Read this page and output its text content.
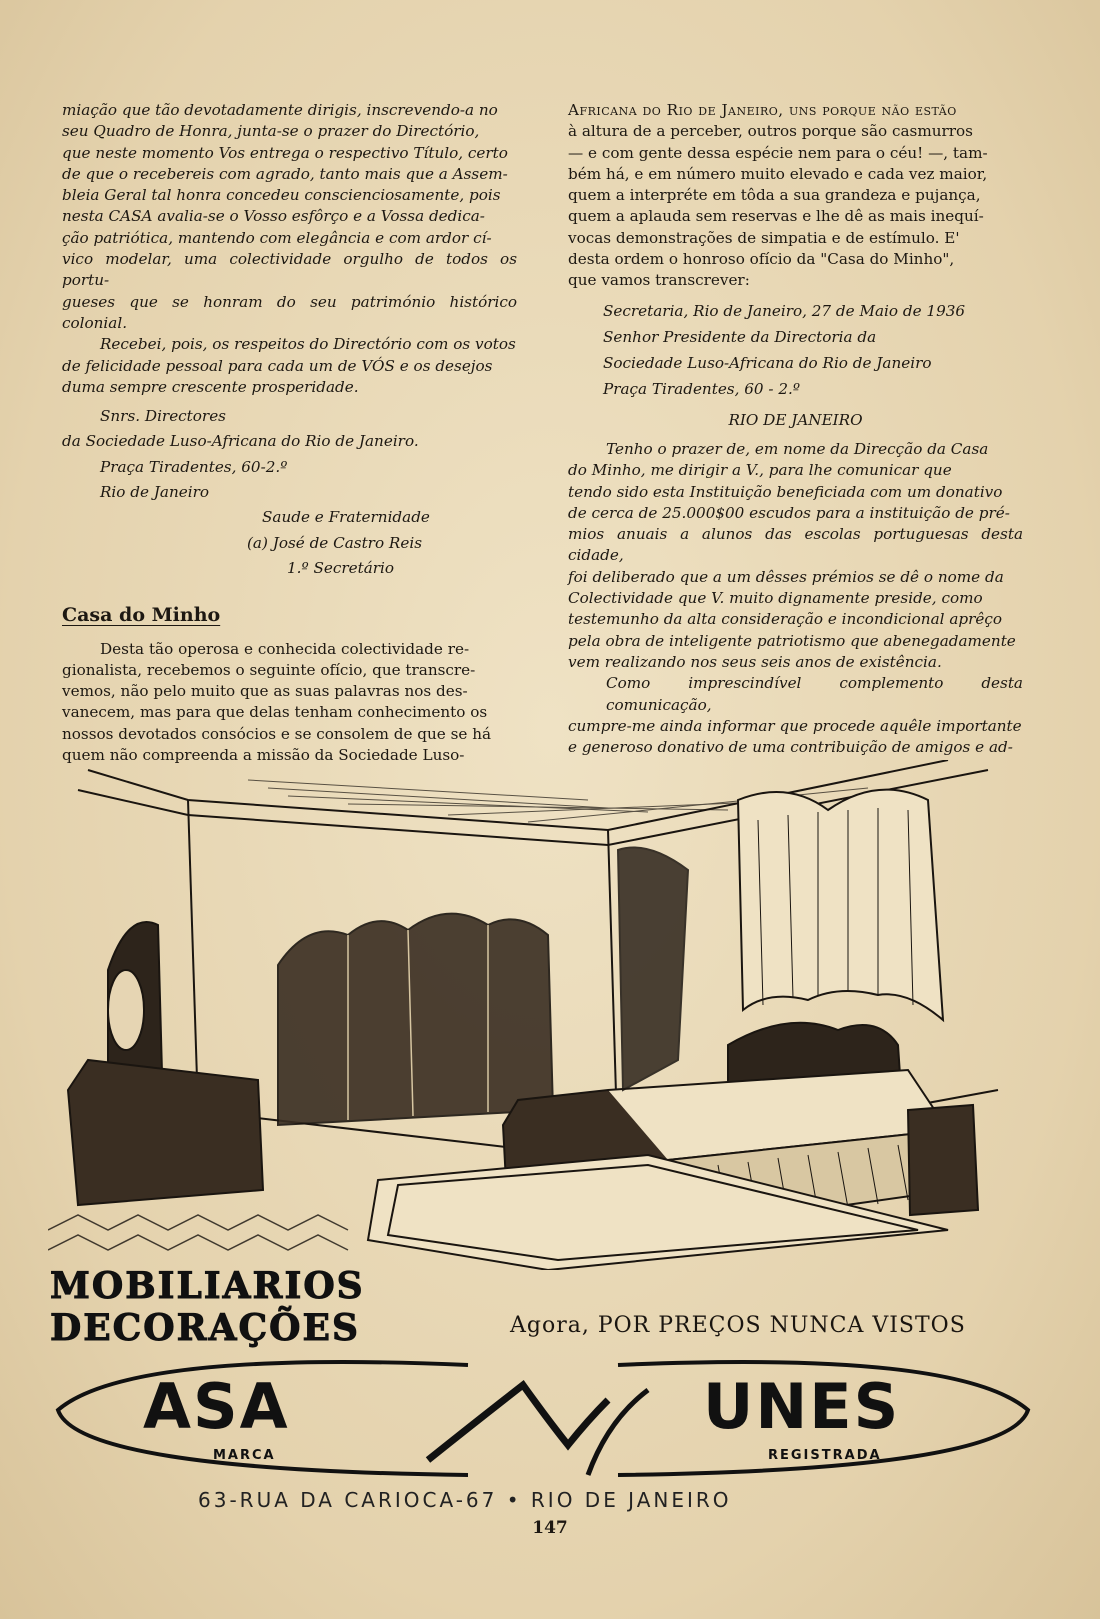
miação que tão devotadamente dirigis, inscrevendo-a no
seu Quadro de Honra, junta-se o prazer do Directório,
que neste momento Vos entrega o respectivo Título, certo
de que o recebereis com agrado, tanto mais que a Assem-
bleia Geral tal honra concedeu conscienciosamente, pois
nesta CASA avalia-se o Vosso esfôrço e a Vossa dedica-
ção patriótica, mantendo com elegância e com ardor cí-
vico modelar, uma colectividade orgulho de todos os portu-
gueses que se honram do seu património histórico colonial.
Recebei, pois, os respeitos do Directório com os votos
de felicidade pessoal para cada um de VÓS e os desejos
duma sempre crescente prosperidade.
Snrs. Directores
da Sociedade Luso-Africana do Rio de Janeiro.
Praça Tiradentes, 60-2.º
Rio de Janeiro
Saude e Fraternidade
(a) José de Castro Reis
1.º Secretário
Casa do Minho
Desta tão operosa e conhecida colectividade re-
gionalista, recebemos o seguinte ofício, que transcre-
vemos, não pelo muito que as suas palavras nos des-
vanecem, mas para que delas tenham conhecimento os
nossos devotados consócios e se consolem de que se há
quem não compreenda a missão da Sociedade Luso-
Africana do Rio de Janeiro, uns porque não estão
à altura de a perceber, outros porque são casmurros
— e com gente dessa espécie nem para o céu! —, tam-
bém há, e em número muito elevado e cada vez maior,
quem a interpréte em tôda a sua grandeza e pujança,
quem a aplauda sem reservas e lhe dê as mais inequí-
vocas demonstrações de simpatia e de estímulo. E'
desta ordem o honroso ofício da "Casa do Minho",
que vamos transcrever:
Secretaria, Rio de Janeiro, 27 de Maio de 1936
Senhor Presidente da Directoria da
Sociedade Luso-Africana do Rio de Janeiro
Praça Tiradentes, 60 - 2.º
RIO DE JANEIRO
Tenho o prazer de, em nome da Direcção da Casa
do Minho, me dirigir a V., para lhe comunicar que
tendo sido esta Instituição beneficiada com um donativo
de cerca de 25.000$00 escudos para a instituição de pré-
mios anuais a alunos das escolas portuguesas desta cidade,
foi deliberado que a um dêsses prémios se dê o nome da
Colectividade que V. muito dignamente preside, como
testemunho da alta consideração e incondicional aprêço
pela obra de inteligente patriotismo que abenegadamente
vem realizando nos seus seis anos de existência.
Como imprescindível complemento desta comunicação,
cumpre-me ainda informar que procede aquêle importante
e generoso donativo de uma contribuição de amigos e ad-
MOBILIARIOS
DECORAÇÕES	Agora, POR PREÇOS NUNCA VISTOS
ASA	UNES
MARCA	REGISTRADA
63-RUA DA CARIOCA-67 • RIO DE JANEIRO
147
